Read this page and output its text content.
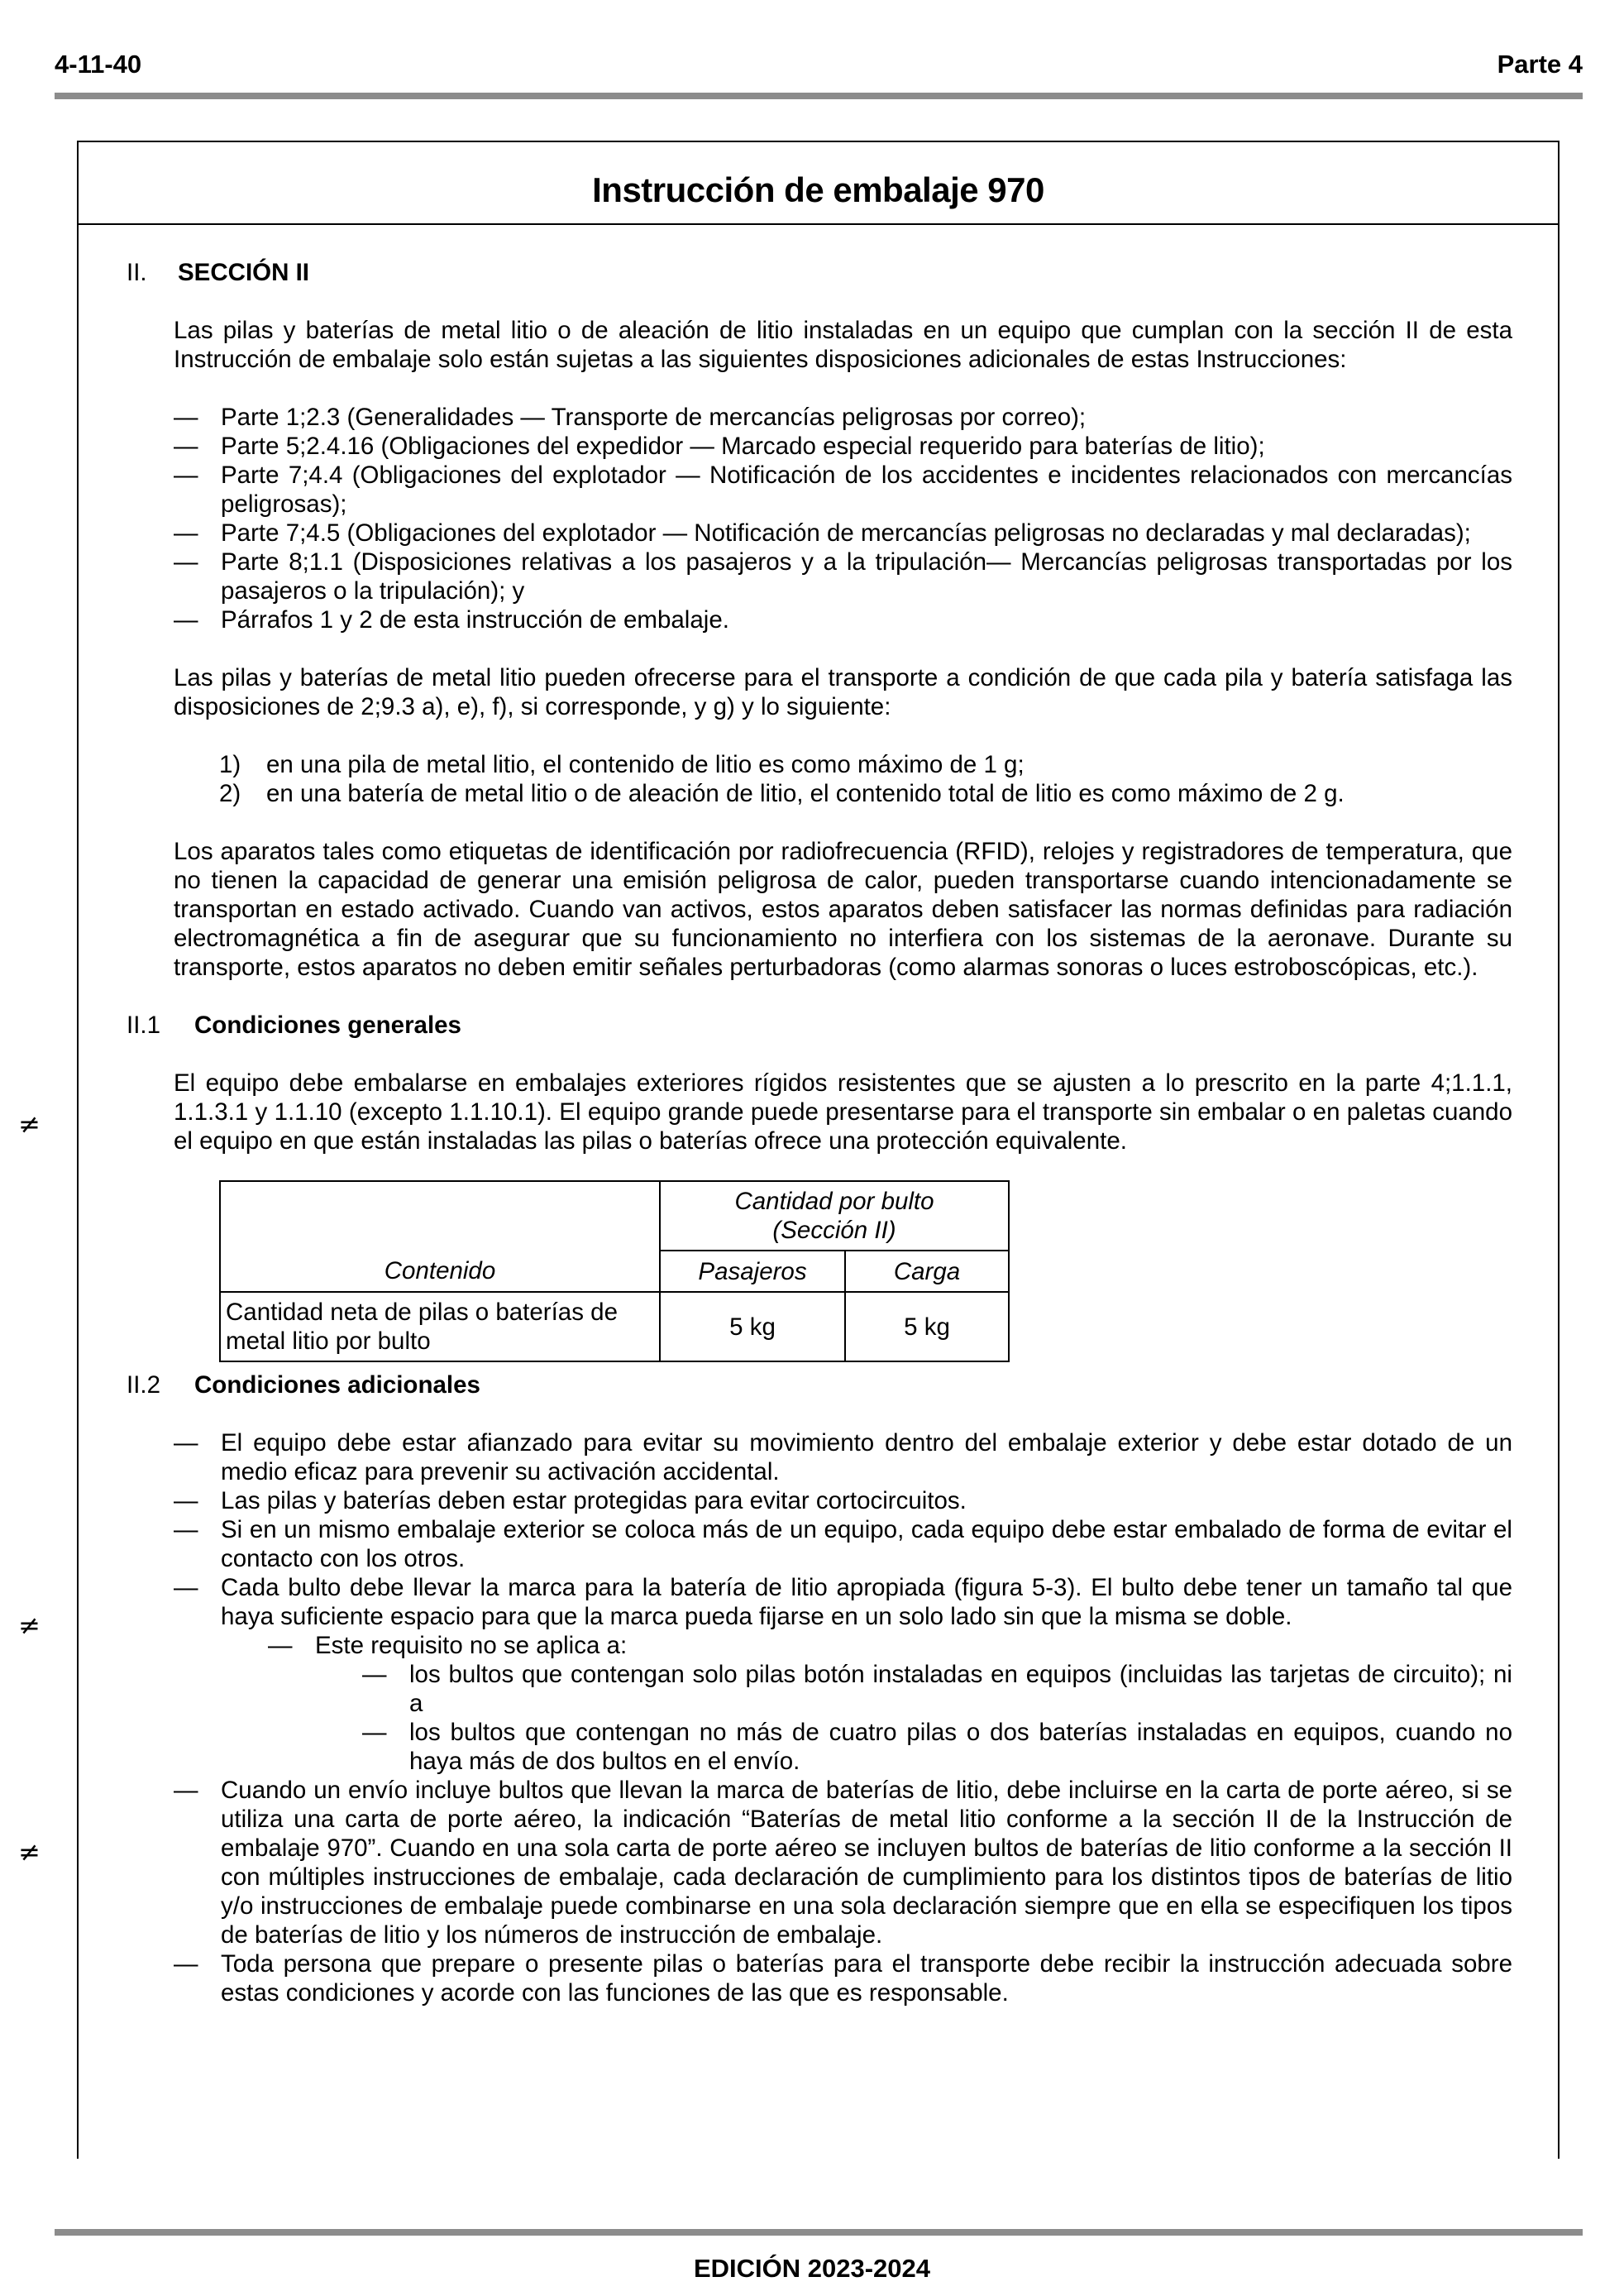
4-11-40	Parte 4
≠
≠
≠
Instrucción de embalaje 970
II. SECCIÓN II
Las pilas y baterías de metal litio o de aleación de litio instaladas en un equipo que cumplan con la sección II de esta Instrucción de embalaje solo están sujetas a las siguientes disposiciones adicionales de estas Instrucciones:
— Parte 1;2.3 (Generalidades — Transporte de mercancías peligrosas por correo);
— Parte 5;2.4.16 (Obligaciones del expedidor — Marcado especial requerido para baterías de litio);
— Parte 7;4.4 (Obligaciones del explotador — Notificación de los accidentes e incidentes relacionados con mercancías peligrosas);
— Parte 7;4.5 (Obligaciones del explotador — Notificación de mercancías peligrosas no declaradas y mal declaradas);
— Parte 8;1.1 (Disposiciones relativas a los pasajeros y a la tripulación— Mercancías peligrosas transportadas por los pasajeros o la tripulación); y
— Párrafos 1 y 2 de esta instrucción de embalaje.
Las pilas y baterías de metal litio pueden ofrecerse para el transporte a condición de que cada pila y batería satisfaga las disposiciones de 2;9.3 a), e), f), si corresponde, y g) y lo siguiente:
1) en una pila de metal litio, el contenido de litio es como máximo de 1 g;
2) en una batería de metal litio o de aleación de litio, el contenido total de litio es como máximo de 2 g.
Los aparatos tales como etiquetas de identificación por radiofrecuencia (RFID), relojes y registradores de temperatura, que no tienen la capacidad de generar una emisión peligrosa de calor, pueden transportarse cuando intencionadamente se transportan en estado activado. Cuando van activos, estos aparatos deben satisfacer las normas definidas para radiación electromagnética a fin de asegurar que su funcionamiento no interfiera con los sistemas de la aeronave. Durante su transporte, estos aparatos no deben emitir señales perturbadoras (como alarmas sonoras o luces estroboscópicas, etc.).
II.1 Condiciones generales
El equipo debe embalarse en embalajes exteriores rígidos resistentes que se ajusten a lo prescrito en la parte 4;1.1.1, 1.1.3.1 y 1.1.10 (excepto 1.1.10.1). El equipo grande puede presentarse para el transporte sin embalar o en paletas cuando el equipo en que están instaladas las pilas o baterías ofrece una protección equivalente.

	Cantidad por bulto
(Sección II)	

Contenido	Pasajeros	Carga
Cantidad neta de pilas o baterías de metal litio por bulto	5 kg	5 kg
II.2 Condiciones adicionales
— El equipo debe estar afianzado para evitar su movimiento dentro del embalaje exterior y debe estar dotado de un medio eficaz para prevenir su activación accidental.
— Las pilas y baterías deben estar protegidas para evitar cortocircuitos.
— Si en un mismo embalaje exterior se coloca más de un equipo, cada equipo debe estar embalado de forma de evitar el contacto con los otros.
— Cada bulto debe llevar la marca para la batería de litio apropiada (figura 5-3). El bulto debe tener un tamaño tal que haya suficiente espacio para que la marca pueda fijarse en un solo lado sin que la misma se doble.
— Este requisito no se aplica a:
— los bultos que contengan solo pilas botón instaladas en equipos (incluidas las tarjetas de circuito); ni a
— los bultos que contengan no más de cuatro pilas o dos baterías instaladas en equipos, cuando no haya más de dos bultos en el envío.
— Cuando un envío incluye bultos que llevan la marca de baterías de litio, debe incluirse en la carta de porte aéreo, si se utiliza una carta de porte aéreo, la indicación “Baterías de metal litio conforme a la sección II de la Instrucción de embalaje 970”. Cuando en una sola carta de porte aéreo se incluyen bultos de baterías de litio conforme a la sección II con múltiples instrucciones de embalaje, cada declaración de cumplimiento para los distintos tipos de baterías de litio y/o instrucciones de embalaje puede combinarse en una sola declaración siempre que en ella se especifiquen los tipos de baterías de litio y los números de instrucción de embalaje.
— Toda persona que prepare o presente pilas o baterías para el transporte debe recibir la instrucción adecuada sobre estas condiciones y acorde con las funciones de las que es responsable.
EDICIÓN 2023-2024
